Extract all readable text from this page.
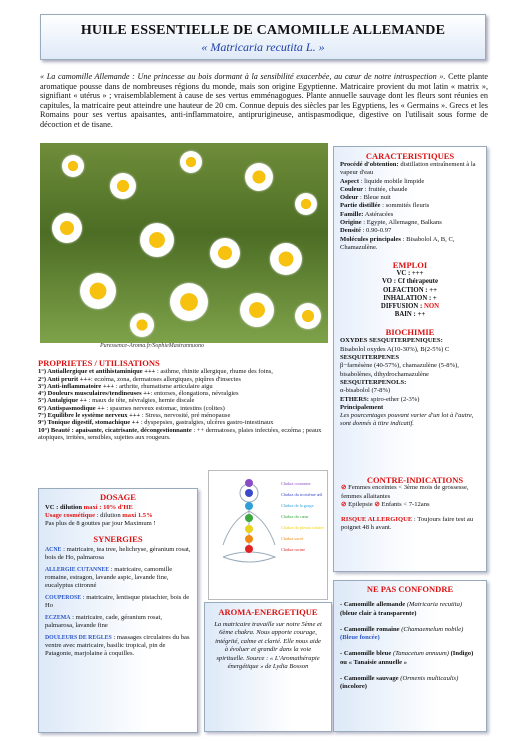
HUILE ESSENTIELLE DE CAMOMILLE ALLEMANDE
« Matricaria recutita L. »
« La camomille Allemande : Une princesse au bois dormant à la sensibilité exacerbée, au cœur de notre introspection ». Cette plante aromatique pousse dans de nombreuses régions du monde, mais son origine Egyptienne. Matricaire provient du mot latin « matrix », signifiant « utérus » ; vraisemblablement à cause de ses vertus emménagogues. Plante annuelle sauvage dont les fleurs sont réunies en capitules, la matricaire peut atteindre une hauteur de 20 cm. Connue depuis des siècles par les Egyptiens, les « Germains ». Grecs et les Romains pour ses vertus apaisantes, anti-inflammatoire, antiprurigineuse, antispasmodique, digestive on l'utilisait sous forme de décoction et de tisane.
Puressence-Aroma.fr/SophieMastrannuono
CARACTERISTIQUES
Procédé d'obtention: distillation entraînement à la vapeur d'eau
Aspect : liquide mobile limpide
Couleur : fruitée, chaude
Odeur : Bleue nuit
Partie distillée : sommités fleuris
Famille: Astéracées
Origine : Egypte, Allemagne, Balkans
Densité : 0.90-0.97
Molécules principales : Bisabolol A, B, C, Chamazulène.
EMPLOI
VC : +++
VO : Cf thérapeute
OLFACTION : ++
INHALATION : +
DIFFUSION : NON
BAIN : ++
BIOCHIMIE
OXYDES SESQUITERPENIQUES:
Bisabolol oxydes A(10-30%), B(2-5%) C
SESQUITERPENES
β−farnésène (40-57%), chamazulène (5-8%), bisabolènes, dihydrochamazulène
SESQUITERPENOLS:
α-bisabolol (7-8%)
ETHERS: spiro-ether (2-3%)
Principalement
Les pourcentages pouvant varier d'un lot à l'autre, sont donnés à titre indicatif.
PROPRIETES / UTILISATIONS
1°) Antiallergique et antihistaminique +++ : asthme, rhinite allergique, rhume des foins,
2°) Anti prurit +++: eczéma, zona, dermatoses allergiques, piqûres d'insectes
3°) Anti-inflammatoire +++ : arthrite, rhumatisme articulaire aigu
4°) Douleurs musculaires/tendineuses ++: entorses, élongations, névralgies
5°) Antalgique ++ : maux de tête, névralgies, hernie discale
6°) Antispasmodique ++ : spasmes nerveux estomac, intestins (colites)
7°) Equilibre le système nerveux +++ : Stress, nervosité, pré ménopause
9°) Tonique digestif, stomachique ++ : dyspepsies, gastralgies, ulcères gastro-intestinaux
10°) Beauté : apaisante, cicatrisante, décongestionnante : ++ dermatoses, plaies infectées, eczéma ; peaux atopiques, irritées, sensibles, sujettes aux rougeurs.
DOSAGE
VC : dilution maxi : 10% d'HE
Usage cosmétique : dilution maxi 1.5%
Pas plus de 8 gouttes par jour Maximum !
SYNERGIES
ACNE : matricaire, tea tree, helichryse, géranium rosat, bois de Ho, palmarosa
ALLERGIE CUTANNEE : matricaire, camomille romaine, estragon, lavande aspic, lavande fine, eucalyptus citronné
COUPEROSE : matricaire, lentisque pistachier, bois de Ho
ECZEMA : matricaire, cade, géranium rosat, palmarosa, lavande fine
DOULEURS DE REGLES : massages circulaires du bas ventre avec matricaire, basilic tropical, pin de Patagonie, marjolaine à coquilles.
Chakra couronne
Chakra du troisième œil
Chakra de la gorge
Chakra du cœur
Chakra du plexus solaire
Chakra sacré
Chakra racine
AROMA-ENERGETIQUE
La matricaire travaille sur notre 5ème et 6ème chakra. Nous apporte courage, intégrité, calme et clarté. Elle nous aide à évoluer et grandir dans la voie spirituelle. Source : « L'Aromathérapie énergétique » de Lydia Bosson
CONTRE-INDICATIONS
⊘ Femmes enceintes < 3ème mois de grossesse, femmes allaitantes
⊘ Epilepsie ⊘ Enfants < 7-12ans
RISQUE ALLERGIQUE : Toujours faire test au poignet 48 h avant.
NE PAS CONFONDRE
- Camomille allemande (Matricaria recutita) (bleue clair à transparente)
- Camomille romaine (Chamaemelum nobile) (Bleue foncée)
- Camomille bleue (Tanacetum annuum) (Indigo) ou « Tanaisie annuelle »
- Camomille sauvage (Ormenis multicaulis) (incolore)
